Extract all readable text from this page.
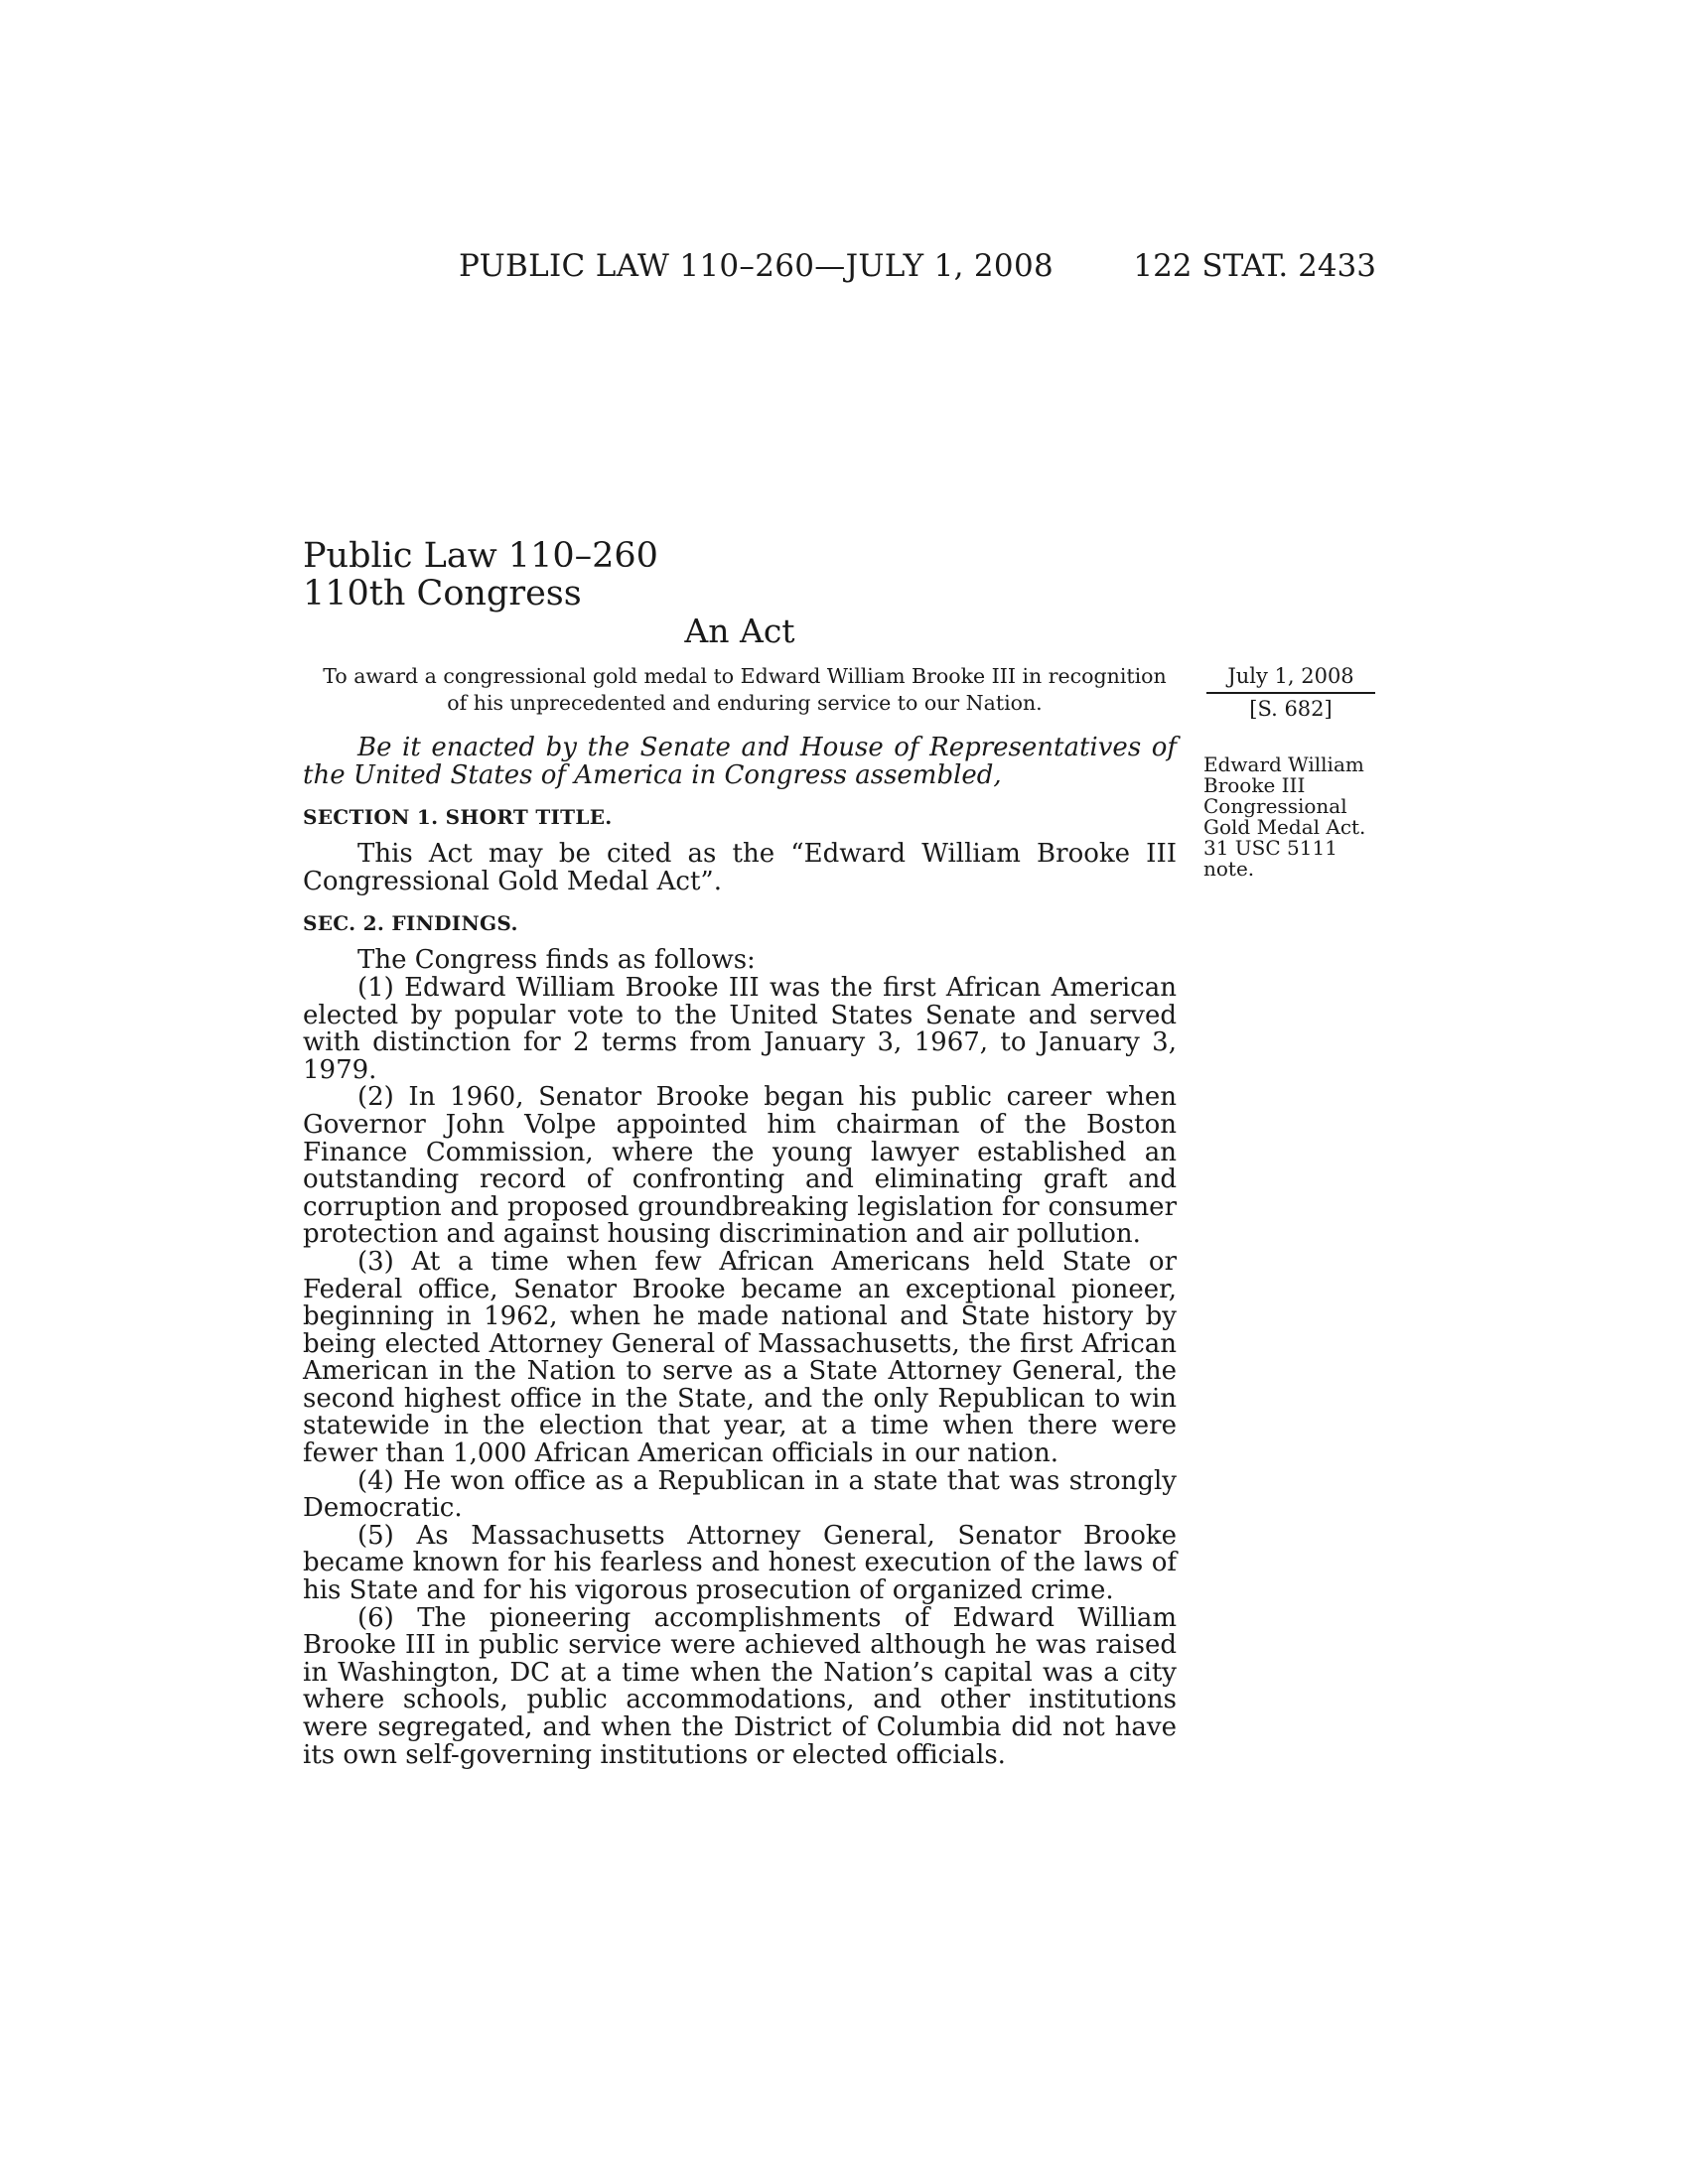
PUBLIC LAW 110–260—JULY 1, 2008	122 STAT. 2433
Public Law 110–260
110th Congress
An Act
To award a congressional gold medal to Edward William Brooke III in recognition of his unprecedented and enduring service to our Nation.
July 1, 2008
[S. 682]
Edward William
Brooke III
Congressional
Gold Medal Act.
31 USC 5111
note.

Be it enacted by the Senate and House of Representatives of the United States of America in Congress assembled,

SECTION 1. SHORT TITLE.

This Act may be cited as the “Edward William Brooke III Congressional Gold Medal Act”.

SEC. 2. FINDINGS.

The Congress finds as follows:

(1) Edward William Brooke III was the first African American elected by popular vote to the United States Senate and served with distinction for 2 terms from January 3, 1967, to January 3, 1979.

(2) In 1960, Senator Brooke began his public career when Governor John Volpe appointed him chairman of the Boston Finance Commission, where the young lawyer established an outstanding record of confronting and eliminating graft and corruption and proposed groundbreaking legislation for consumer protection and against housing discrimination and air pollution.

(3) At a time when few African Americans held State or Federal office, Senator Brooke became an exceptional pioneer, beginning in 1962, when he made national and State history by being elected Attorney General of Massachusetts, the first African American in the Nation to serve as a State Attorney General, the second highest office in the State, and the only Republican to win statewide in the election that year, at a time when there were fewer than 1,000 African American officials in our nation.

(4) He won office as a Republican in a state that was strongly Democratic.

(5) As Massachusetts Attorney General, Senator Brooke became known for his fearless and honest execution of the laws of his State and for his vigorous prosecution of organized crime.

(6) The pioneering accomplishments of Edward William Brooke III in public service were achieved although he was raised in Washington, DC at a time when the Nation’s capital was a city where schools, public accommodations, and other institutions were segregated, and when the District of Columbia did not have its own self-governing institutions or elected officials.
